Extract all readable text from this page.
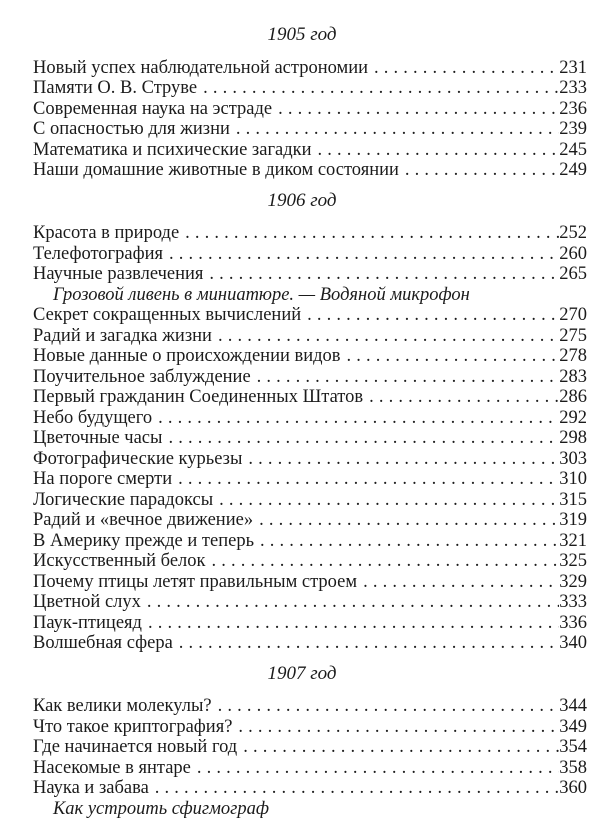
1905 год
Новый успех наблюдательной астрономии . . .	231
Памяти О. В. Струве . . .	233
Современная наука на эстраде . . .	236
С опасностью для жизни . . .	239
Математика и психические загадки . . .	245
Наши домашние животные в диком состоянии . . .	249
1906 год
Красота в природе . . .	252
Телефотография . . .	260
Научные развлечения . . .	265
Грозовой ливень в миниатюре. — Водяной микрофон
Секрет сокращенных вычислений . . .	270
Радий и загадка жизни . . .	275
Новые данные о происхождении видов . . .	278
Поучительное заблуждение . . .	283
Первый гражданин Соединенных Штатов . . .	286
Небо будущего . . .	292
Цветочные часы . . .	298
Фотографические курьезы . . .	303
На пороге смерти . . .	310
Логические парадоксы . . .	315
Радий и «вечное движение» . . .	319
В Америку прежде и теперь . . .	321
Искусственный белок . . .	325
Почему птицы летят правильным строем . . .	329
Цветной слух . . .	333
Паук-птицеяд . . .	336
Волшебная сфера . . .	340
1907 год
Как велики молекулы? . . .	344
Что такое криптография? . . .	349
Где начинается новый год . . .	354
Насекомые в янтаре . . .	358
Наука и забава . . .	360
Как устроить сфигмограф
